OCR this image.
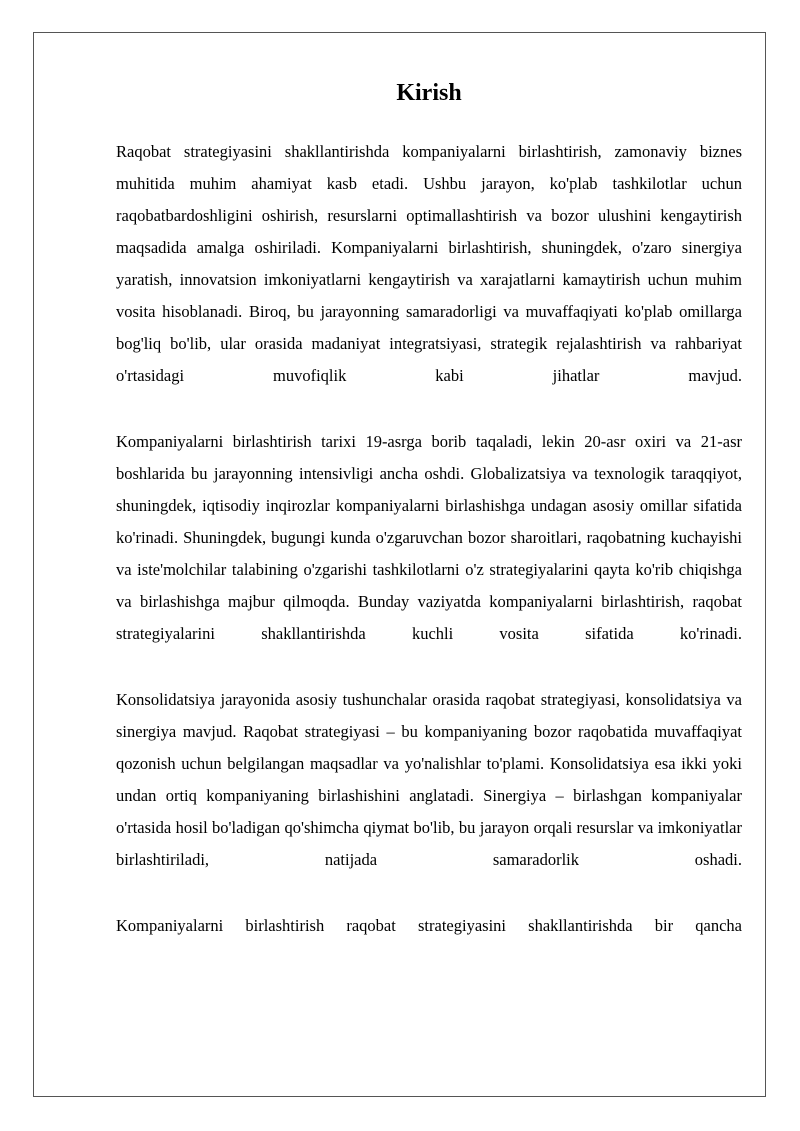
Kirish

Raqobat strategiyasini shakllantirishda kompaniyalarni birlashtirish, zamonaviy biznes muhitida muhim ahamiyat kasb etadi. Ushbu jarayon, ko'plab tashkilotlar uchun raqobatbardoshligini oshirish, resurslarni optimallashtirish va bozor ulushini kengaytirish maqsadida amalga oshiriladi. Kompaniyalarni birlashtirish, shuningdek, o'zaro sinergiya yaratish, innovatsion imkoniyatlarni kengaytirish va xarajatlarni kamaytirish uchun muhim vosita hisoblanadi. Biroq, bu jarayonning samaradorligi va muvaffaqiyati ko'plab omillarga bog'liq bo'lib, ular orasida madaniyat integratsiyasi, strategik rejalashtirish va rahbariyat o'rtasidagi muvofiqlik kabi jihatlar mavjud.

Kompaniyalarni birlashtirish tarixi 19-asrga borib taqaladi, lekin 20-asr oxiri va 21-asr boshlarida bu jarayonning intensivligi ancha oshdi. Globalizatsiya va texnologik taraqqiyot, shuningdek, iqtisodiy inqirozlar kompaniyalarni birlashishga undagan asosiy omillar sifatida ko'rinadi. Shuningdek, bugungi kunda o'zgaruvchan bozor sharoitlari, raqobatning kuchayishi va iste'molchilar talabining o'zgarishi tashkilotlarni o'z strategiyalarini qayta ko'rib chiqishga va birlashishga majbur qilmoqda. Bunday vaziyatda kompaniyalarni birlashtirish, raqobat strategiyalarini shakllantirishda kuchli vosita sifatida ko'rinadi.

Konsolidatsiya jarayonida asosiy tushunchalar orasida raqobat strategiyasi, konsolidatsiya va sinergiya mavjud. Raqobat strategiyasi – bu kompaniyaning bozor raqobatida muvaffaqiyat qozonish uchun belgilangan maqsadlar va yo'nalishlar to'plami. Konsolidatsiya esa ikki yoki undan ortiq kompaniyaning birlashishini anglatadi. Sinergiya – birlashgan kompaniyalar o'rtasida hosil bo'ladigan qo'shimcha qiymat bo'lib, bu jarayon orqali resurslar va imkoniyatlar birlashtiriladi, natijada samaradorlik oshadi.

Kompaniyalarni birlashtirish raqobat strategiyasini shakllantirishda bir qancha
